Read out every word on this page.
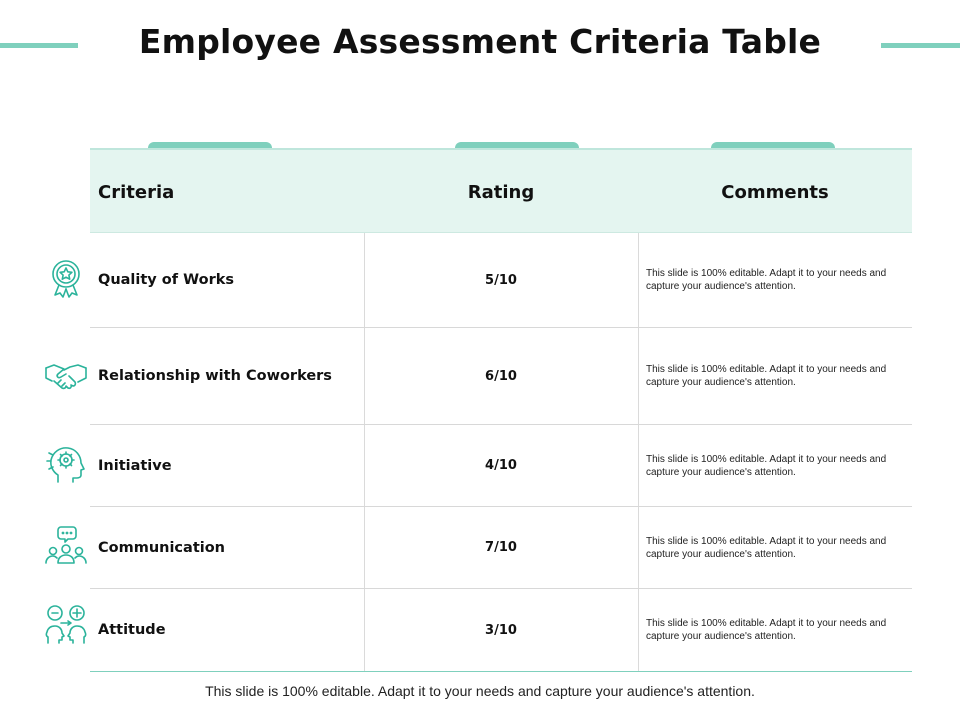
Employee Assessment Criteria Table
Criteria	Rating	Comments
Quality of Works	5/10	This slide is 100% editable. Adapt it to your needs and capture your audience's attention.
Relationship with Coworkers	6/10	This slide is 100% editable. Adapt it to your needs and capture your audience's attention.
Initiative	4/10	This slide is 100% editable. Adapt it to your needs and capture your audience's attention.
Communication	7/10	This slide is 100% editable. Adapt it to your needs and capture your audience's attention.
Attitude	3/10	This slide is 100% editable. Adapt it to your needs and capture your audience's attention.
This slide is 100% editable. Adapt it to your needs and capture your audience's attention.
